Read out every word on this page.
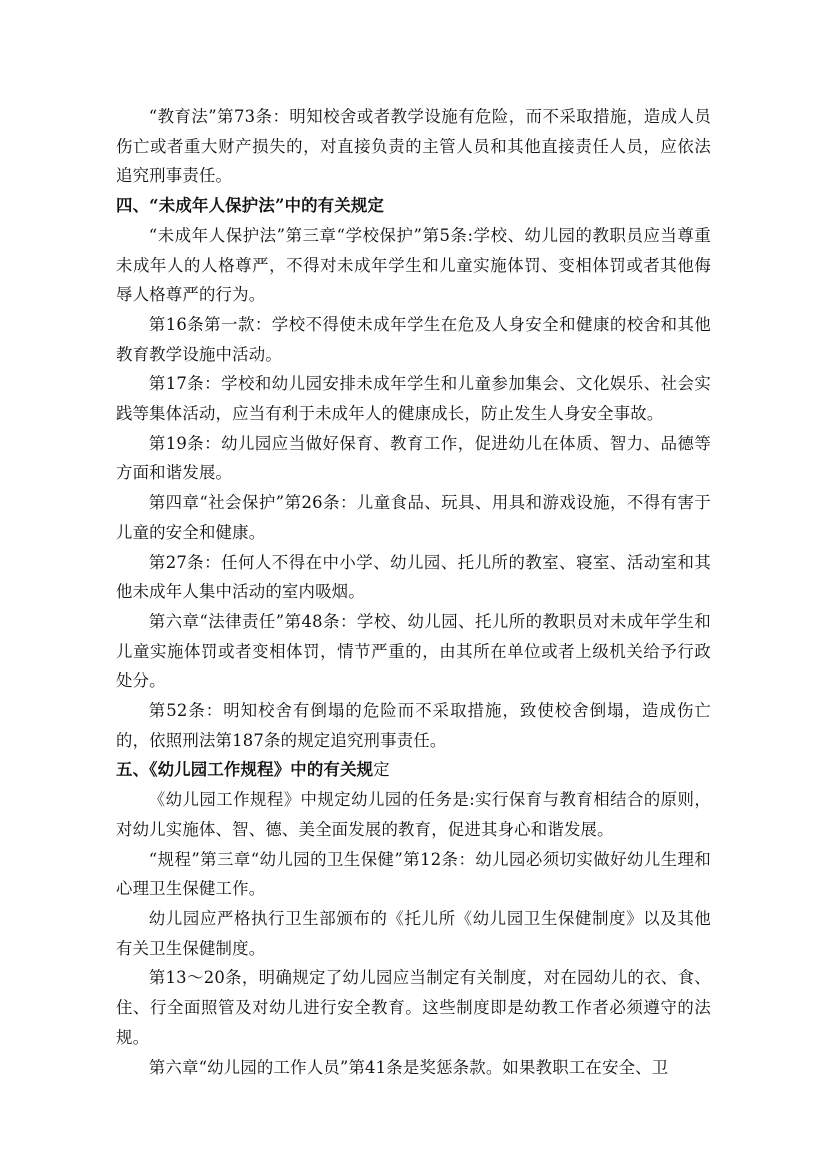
“教育法”第73条：明知校舍或者教学设施有危险，而不采取措施，造成人员伤亡或者重大财产损失的，对直接负责的主管人员和其他直接责任人员，应依法追究刑事责任。

四、“未成年人保护法”中的有关规定

“未成年人保护法”第三章“学校保护”第5条:学校、幼儿园的教职员应当尊重未成年人的人格尊严，不得对未成年学生和儿童实施体罚、变相体罚或者其他侮辱人格尊严的行为。

第16条第一款：学校不得使未成年学生在危及人身安全和健康的校舍和其他教育教学设施中活动。

第17条：学校和幼儿园安排未成年学生和儿童参加集会、文化娱乐、社会实践等集体活动，应当有利于未成年人的健康成长，防止发生人身安全事故。

第19条：幼儿园应当做好保育、教育工作，促进幼儿在体质、智力、品德等方面和谐发展。

第四章“社会保护”第26条：儿童食品、玩具、用具和游戏设施，不得有害于儿童的安全和健康。

第27条：任何人不得在中小学、幼儿园、托儿所的教室、寝室、活动室和其他未成年人集中活动的室内吸烟。

第六章“法律责任”第48条：学校、幼儿园、托儿所的教职员对未成年学生和儿童实施体罚或者变相体罚，情节严重的，由其所在单位或者上级机关给予行政处分。

第52条：明知校舍有倒塌的危险而不采取措施，致使校舍倒塌，造成伤亡的，依照刑法第187条的规定追究刑事责任。

五、《幼儿园工作规程》中的有关规定

《幼儿园工作规程》中规定幼儿园的任务是:实行保育与教育相结合的原则，对幼儿实施体、智、德、美全面发展的教育，促进其身心和谐发展。

“规程”第三章“幼儿园的卫生保健”第12条：幼儿园必须切实做好幼儿生理和心理卫生保健工作。

幼儿园应严格执行卫生部颁布的《托儿所《幼儿园卫生保健制度》以及其他有关卫生保健制度。

第13～20条，明确规定了幼儿园应当制定有关制度，对在园幼儿的衣、食、住、行全面照管及对幼儿进行安全教育。这些制度即是幼教工作者必须遵守的法规。

第六章“幼儿园的工作人员”第41条是奖惩条款。如果教职工在安全、卫
